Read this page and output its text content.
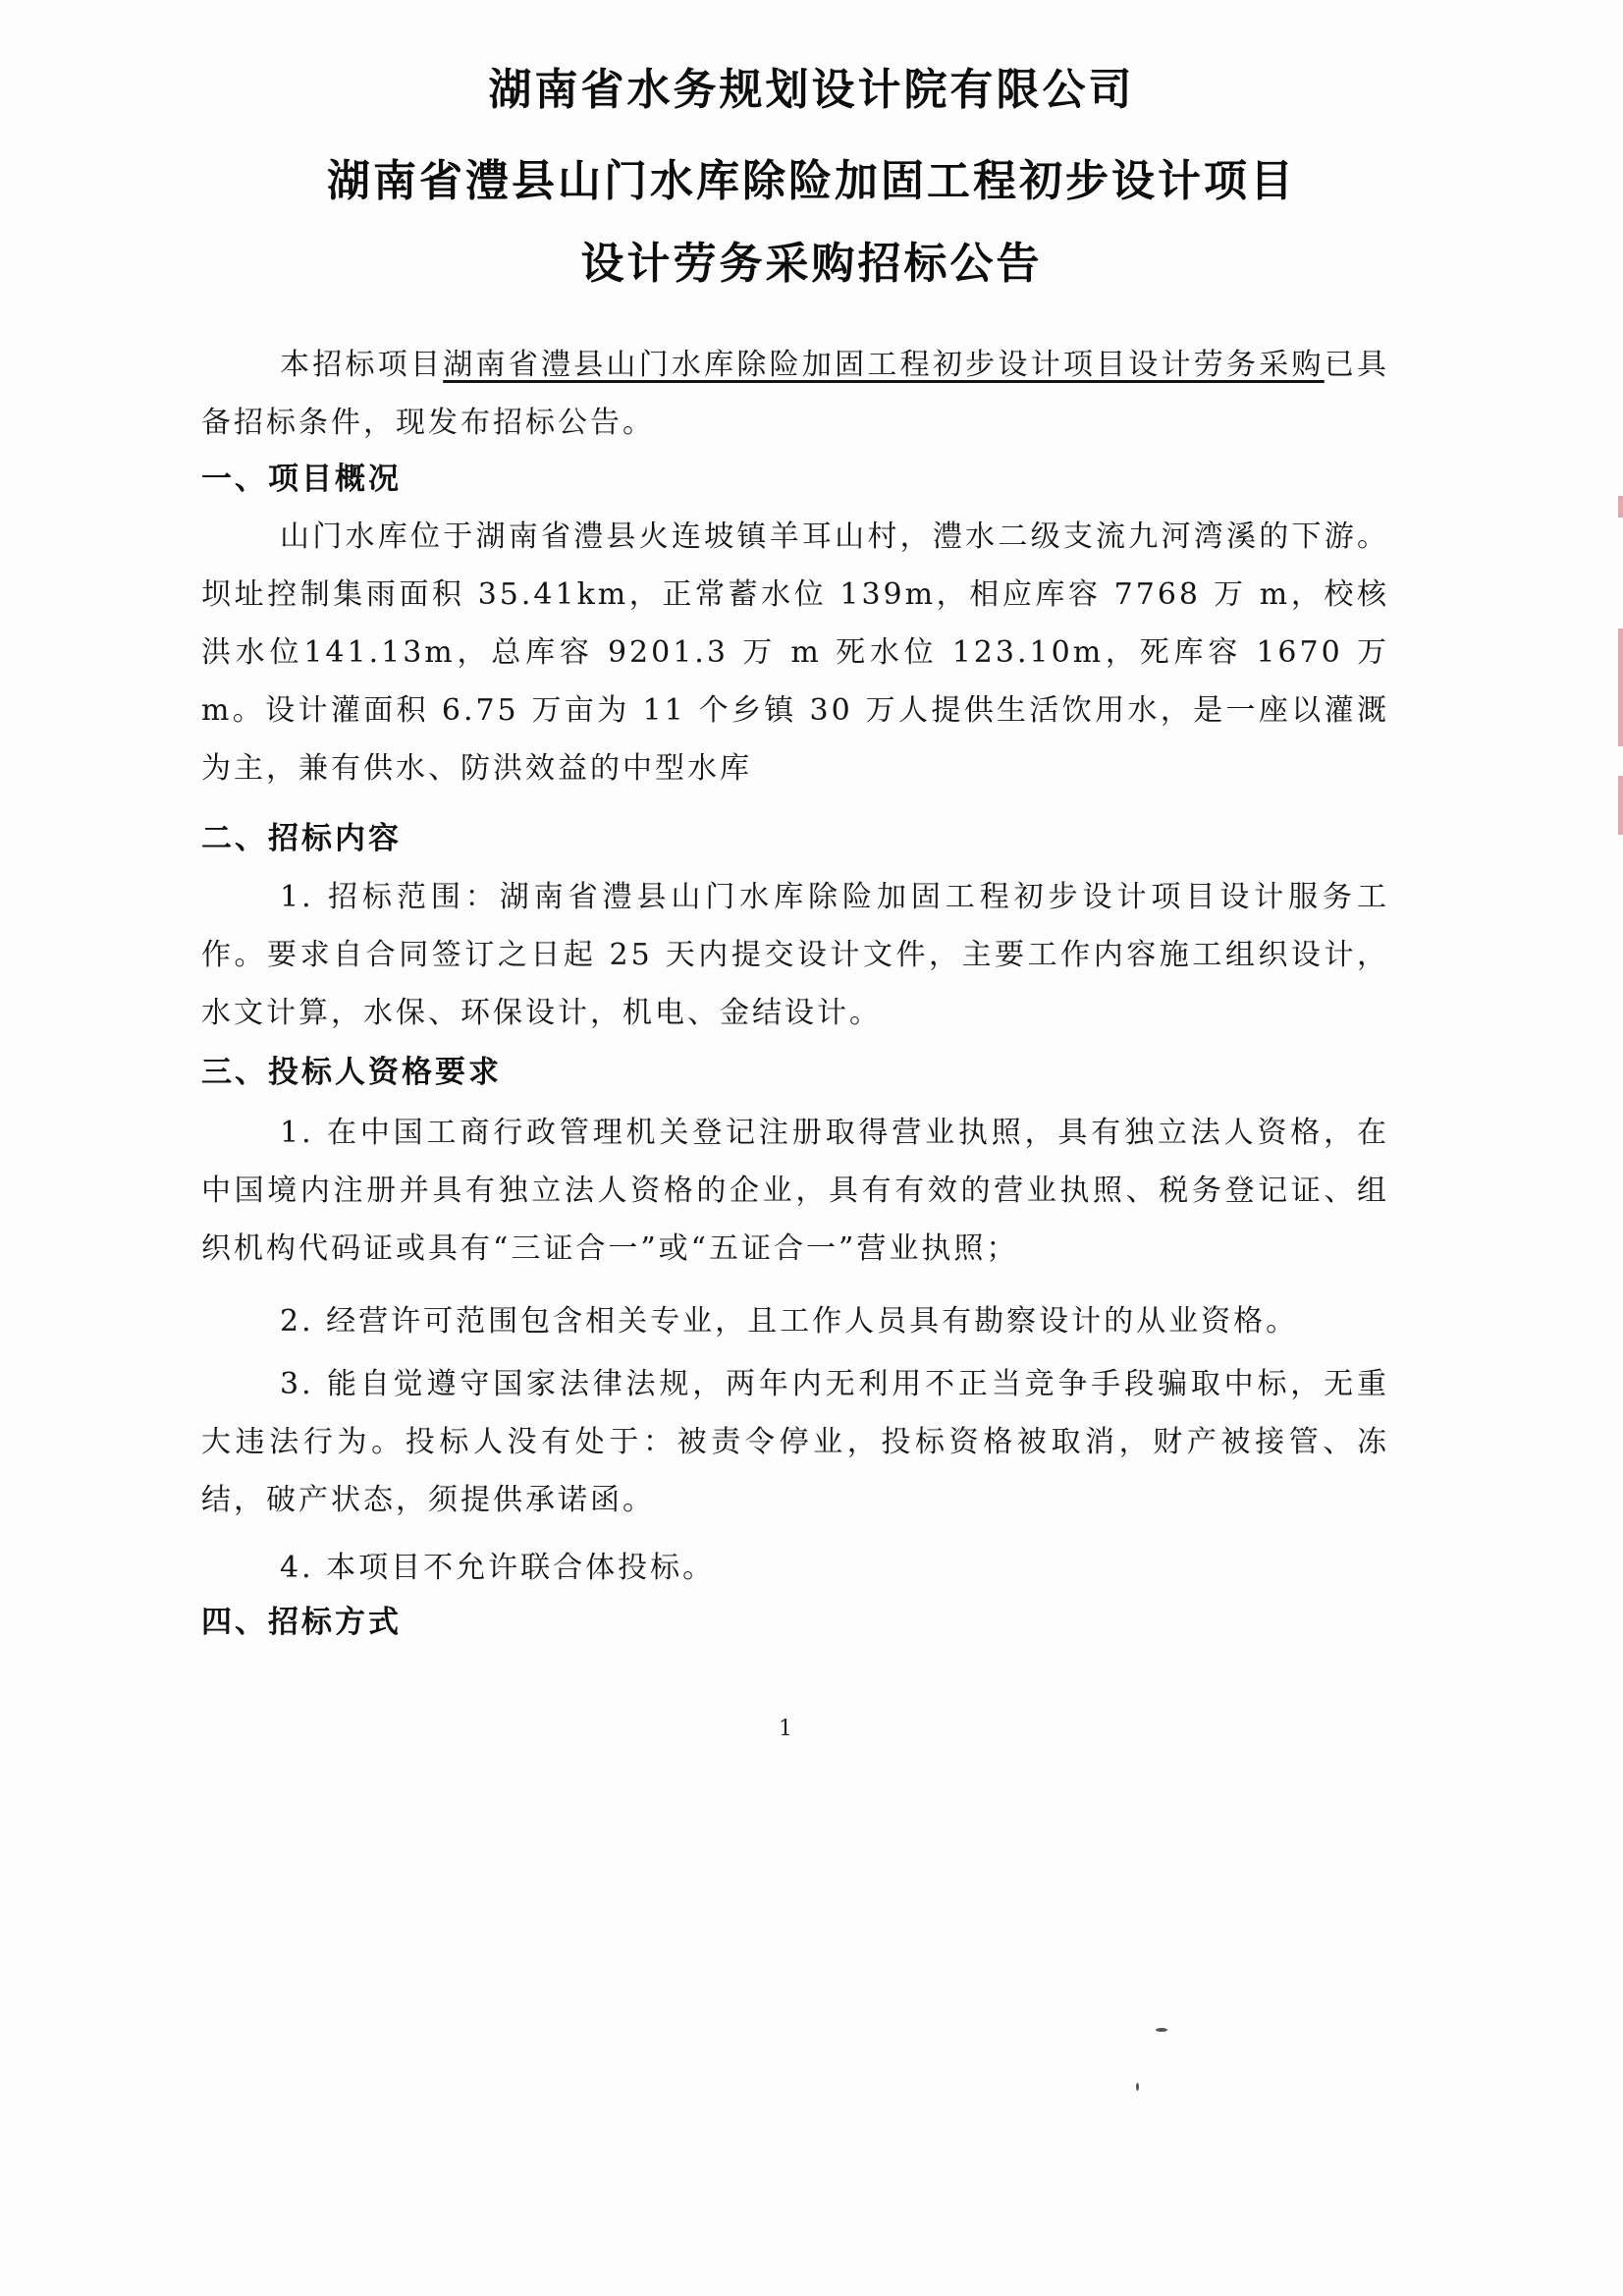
湖南省水务规划设计院有限公司
湖南省澧县山门水库除险加固工程初步设计项目
设计劳务采购招标公告
本招标项目湖南省澧县山门水库除险加固工程初步设计项目设计劳务采购已具备招标条件，现发布招标公告。
一、项目概况
山门水库位于湖南省澧县火连坡镇羊耳山村，澧水二级支流九河湾溪的下游。坝址控制集雨面积 35.41km，正常蓄水位 139m，相应库容 7768 万 m，校核洪水位141.13m，总库容 9201.3 万 m 死水位 123.10m，死库容 1670 万 m。设计灌面积 6.75 万亩为 11 个乡镇 30 万人提供生活饮用水，是一座以灌溉为主，兼有供水、防洪效益的中型水库
二、招标内容
1. 招标范围：湖南省澧县山门水库除险加固工程初步设计项目设计服务工作。要求自合同签订之日起 25 天内提交设计文件，主要工作内容施工组织设计，水文计算，水保、环保设计，机电、金结设计。
三、投标人资格要求
1. 在中国工商行政管理机关登记注册取得营业执照，具有独立法人资格，在中国境内注册并具有独立法人资格的企业，具有有效的营业执照、税务登记证、组织机构代码证或具有“三证合一”或“五证合一”营业执照；
2. 经营许可范围包含相关专业，且工作人员具有勘察设计的从业资格。
3. 能自觉遵守国家法律法规，两年内无利用不正当竞争手段骗取中标，无重大违法行为。投标人没有处于：被责令停业，投标资格被取消，财产被接管、冻结，破产状态，须提供承诺函。
4. 本项目不允许联合体投标。
四、招标方式
1
